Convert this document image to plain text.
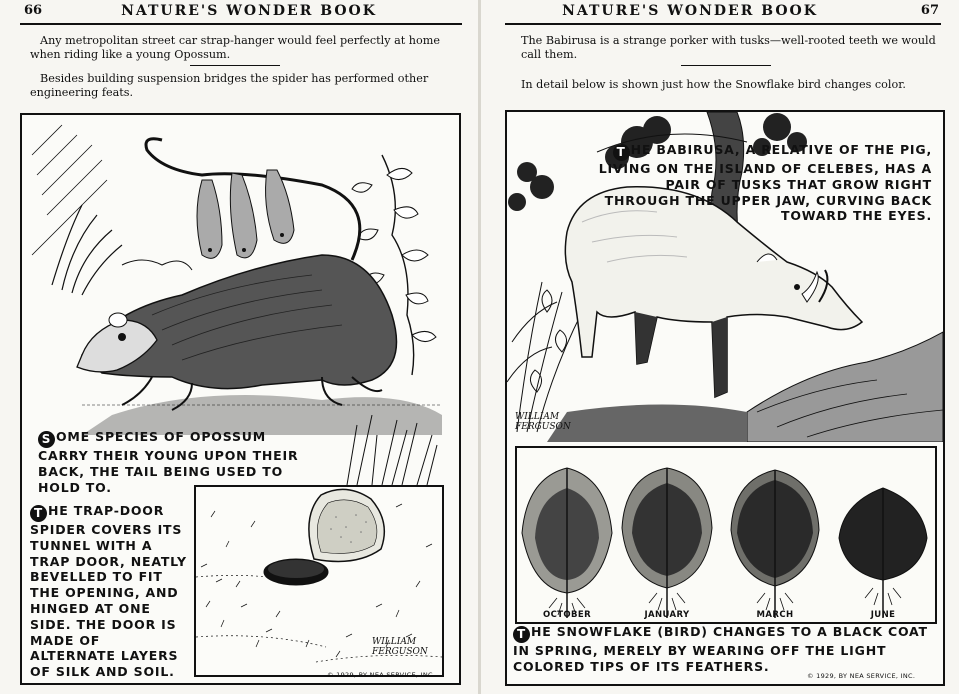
66	NATURE'S WONDER BOOK
Any metropolitan street car strap-hanger would feel perfectly at home when riding like a young Opossum.
Besides building suspension bridges the spider has performed other engineering feats.
S OME SPECIES OF OPOSSUM CARRY THEIR YOUNG UPON THEIR BACK, THE TAIL BEING USED TO HOLD TO.
WILLIAM FERGUSON
T HE TRAP-DOOR SPIDER COVERS ITS TUNNEL WITH A TRAP DOOR, NEATLY BEVELLED TO FIT THE OPENING, AND HINGED AT ONE SIDE. THE DOOR IS MADE OF ALTERNATE LAYERS OF SILK AND SOIL.	© 1929, BY NEA SERVICE, INC.
NATURE'S WONDER BOOK	67
The Babirusa is a strange porker with tusks—well-rooted teeth we would call them.
In detail below is shown just how the Snowflake bird changes color.
T HE BABIRUSA, A RELATIVE OF THE PIG, LIVING ON THE ISLAND OF CELEBES, HAS A PAIR OF TUSKS THAT GROW RIGHT THROUGH THE UPPER JAW, CURVING BACK TOWARD THE EYES.
WILLIAM FERGUSON
OCTOBER	JANUARY	MARCH	JUNE
T HE SNOWFLAKE (BIRD) CHANGES TO A BLACK COAT IN SPRING, MERELY BY WEARING OFF THE LIGHT COLORED TIPS OF ITS FEATHERS.
© 1929, BY NEA SERVICE, INC.
